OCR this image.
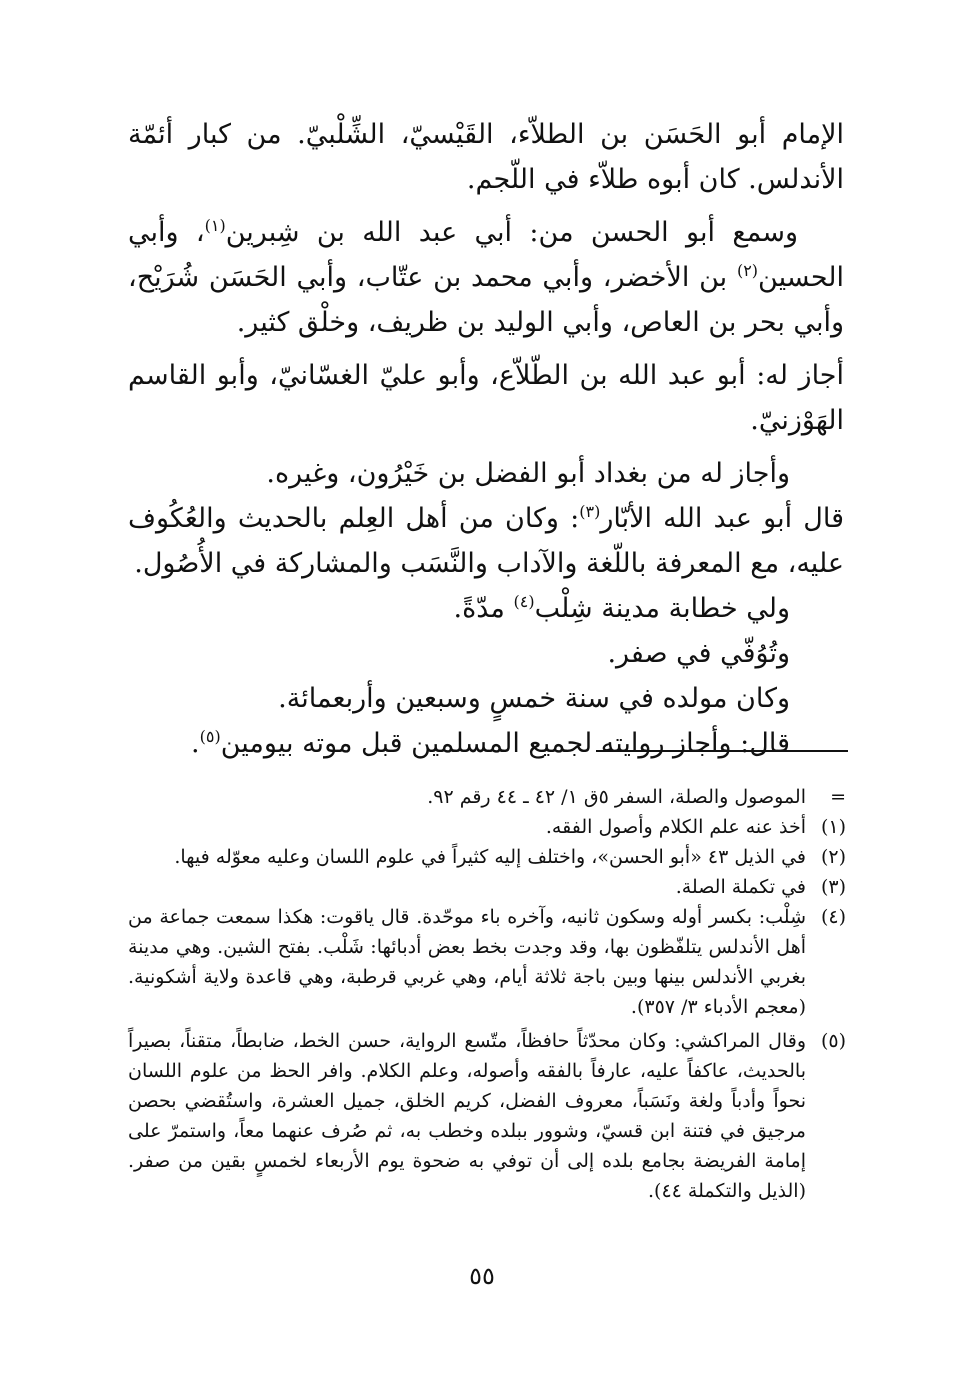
الإمام أبو الحَسَن بن الطلاّء، القَيْسيّ، الشِّلْبيّ. من كبار أئمّة الأندلس. كان أبوه طلاّء في اللّجم.

وسمع أبو الحسن من: أبي عبد الله بن شِبرين$^{(١)}$، وأبي الحسين$^{(٢)}$ بن الأخضر، وأبي محمد بن عتّاب، وأبي الحَسَن شُرَيْح، وأبي بحر بن العاص، وأبي الوليد بن ظريف، وخلْق كثير.

أجاز له: أبو عبد الله بن الطّلاّع، وأبو عليّ الغسّانيّ، وأبو القاسم الهَوْزنيّ.

وأجاز له من بغداد أبو الفضل بن خَيْرُون، وغيره.

قال أبو عبد الله الأبّار$^{(٣)}$: وكان من أهل العِلم بالحديث والعُكُوف عليه، مع المعرفة باللّغة والآداب والنَّسَب والمشاركة في الأُصُول.

ولي خطابة مدينة شِلْب$^{(٤)}$ مدّةً.

وتُوُفّي في صفر.

وكان مولده في سنة خمسٍ وسبعين وأربعمائة.

قال: وأجاز روايته لجميع المسلمين قبل موته بيومين$^{(٥)}$.

=
الموصول والصلة، السفر ٥ق ١/ ٤٢ ـ ٤٤ رقم ٩٢.
(١)
أخذ عنه علم الكلام وأصول الفقه.
(٢)
في الذيل ٤٣ «أبو الحسن»، واختلف إليه كثيراً في علوم اللسان وعليه معوّله فيها.
(٣)
في تكملة الصلة.
(٤)
شِلْب: بكسر أوله وسكون ثانيه، وآخره باء موحّدة. قال ياقوت: هكذا سمعت جماعة من أهل الأندلس يتلفّظون بها، وقد وجدت بخط بعض أدبائها: شَلْب. بفتح الشين. وهي مدينة بغربي الأندلس بينها وبين باجة ثلاثة أيام، وهي غربي قرطبة، وهي قاعدة ولاية أشكونية. (معجم الأدباء ٣/ ٣٥٧).
(٥)
وقال المراكشي: وكان محدّثاً حافظاً، متّسع الرواية، حسن الخط، ضابطاً، متقناً، بصيراً بالحديث، عاكفاً عليه، عارفاً بالفقه وأصوله، وعلم الكلام. وافر الحظ من علوم اللسان نحواً وأدباً ولغة ونَسَباً، معروف الفضل، كريم الخلق، جميل العشرة، واستُقضي بحصن مرجيق في فتنة ابن قسيّ، وشوور ببلده وخطب به، ثم صُرف عنهما معاً، واستمرّ على إمامة الفريضة بجامع بلده إلى أن توفي به ضحوة يوم الأربعاء لخمسٍ بقين من صفر. (الذيل والتكملة ٤٤).
٥٥
